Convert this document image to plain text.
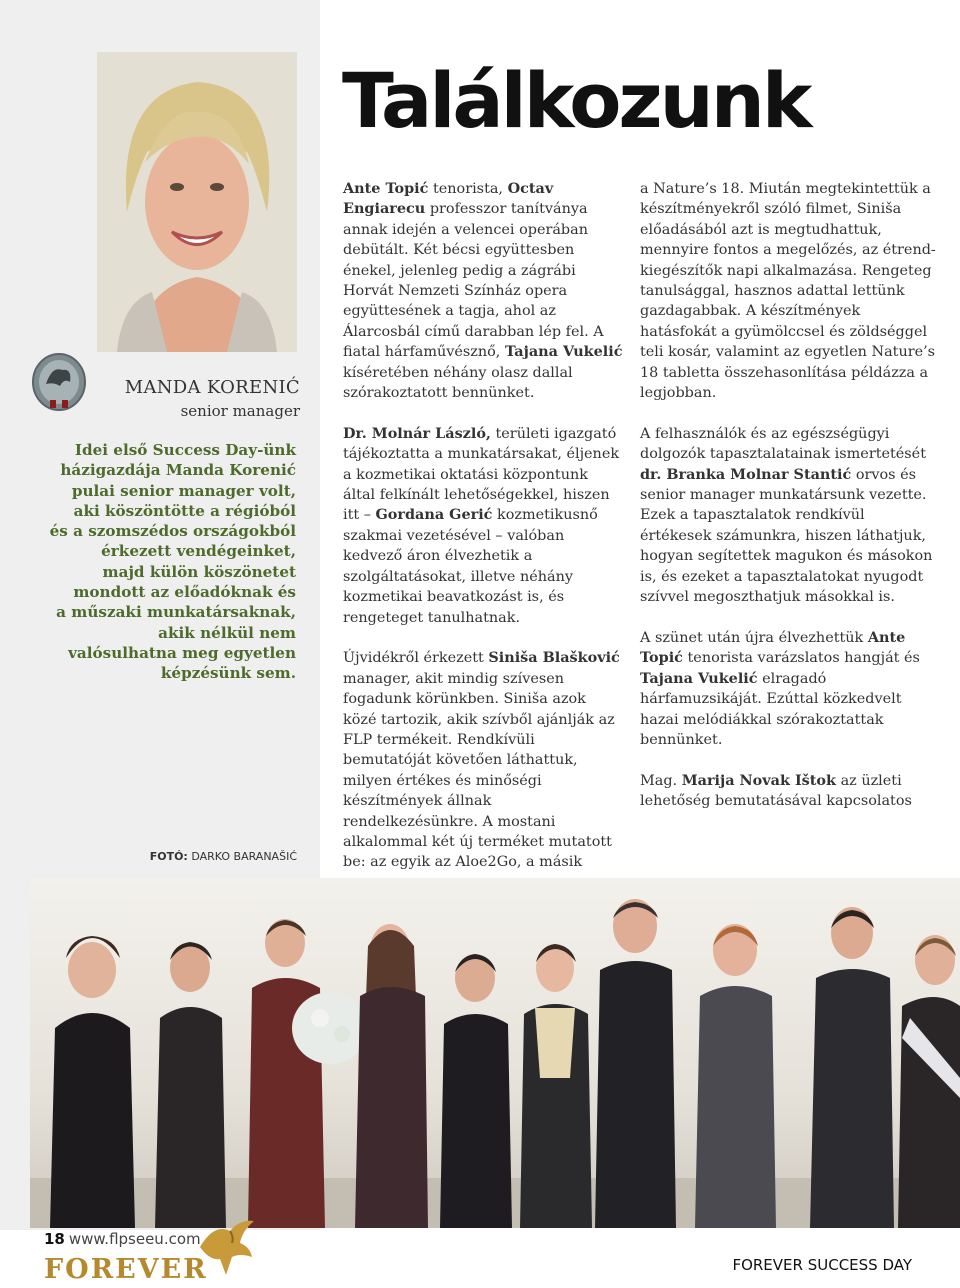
MANDA KORENIĆ
senior manager
Idei első Success Day-ünk
házigazdája Manda Korenić
pulai senior manager volt,
aki köszöntötte a régióból
és a szomszédos országokból
érkezett vendégeinket,
majd külön köszönetet
mondott az előadóknak és
a műszaki munkatársaknak,
akik nélkül nem
valósulhatna meg egyetlen
képzésünk sem.
FOTÓ: DARKO BARANAŠIĆ
Találkozunk

Ante Topić tenorista, Octav Engiarecu professzor tanítványa annak idején a velencei operában debütált. Két bécsi együttesben énekel, jelenleg pedig a zágrábi Horvát Nemzeti Színház opera együttesének a tagja, ahol az Álarcosbál című darabban lép fel. A fiatal hárfaművésznő, Tajana Vukelić kíséretében néhány olasz dallal szórakoztatott bennünket.

Dr. Molnár László, területi igazgató tájékoztatta a munkatársakat, éljenek a kozmetikai oktatási központunk által felkínált lehetőségekkel, hiszen itt – Gordana Gerić kozmetikusnő szakmai vezetésével – valóban kedvező áron élvezhetik a szolgáltatásokat, illetve néhány kozmetikai beavatkozást is, és rengeteget tanulhatnak.

Újvidékről érkezett Siniša Blašković manager, akit mindig szívesen fogadunk körünkben. Siniša azok közé tartozik, akik szívből ajánlják az FLP termékeit. Rendkívüli bemutatóját követően láthattuk, milyen értékes és minőségi készítmények állnak rendelkezésünkre. A mostani alkalommal két új terméket mutatott be: az egyik az Aloe2Go, a másik

a Nature’s 18. Miután megtekintettük a készítményekről szóló filmet, Siniša előadásából azt is megtudhattuk, mennyire fontos a megelőzés, az étrend-kiegészítők napi alkalmazása. Rengeteg tanulsággal, hasznos adattal lettünk gazdagabbak. A készítmények hatásfokát a gyümölccsel és zöldséggel teli kosár, valamint az egyetlen Nature’s 18 tabletta összehasonlítása példázza a legjobban.

A felhasználók és az egészségügyi dolgozók tapasztalatainak ismertetését dr. Branka Molnar Stantić orvos és senior manager munkatársunk vezette. Ezek a tapasztalatok rendkívül értékesek számunkra, hiszen láthatjuk, hogyan segítettek magukon és másokon is, és ezeket a tapasztalatokat nyugodt szívvel megoszthatjuk másokkal is.

A szünet után újra élvezhettük Ante Topić tenorista varázslatos hangját és Tajana Vukelić elragadó hárfamuzsikáját. Ezúttal közkedvelt hazai melódiákkal szórakoztattak bennünket.

Mag. Marija Novak Ištok az üzleti lehetőség bemutatásával kapcsolatos

18 www.flpseeu.com
FOREVER	FOREVER SUCCESS DAY
